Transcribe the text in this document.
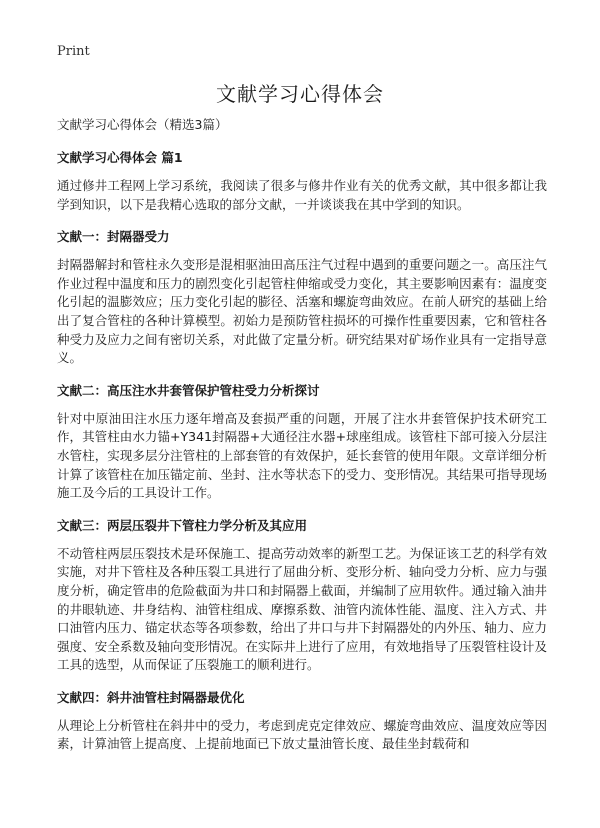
Print
文献学习心得体会
文献学习心得体会（精选3篇）
文献学习心得体会 篇1
通过修井工程网上学习系统，我阅读了很多与修井作业有关的优秀文献，其中很多都让我学到知识，以下是我精心选取的部分文献，一并谈谈我在其中学到的知识。
文献一：封隔器受力
封隔器解封和管柱永久变形是混相驱油田高压注气过程中遇到的重要问题之一。高压注气作业过程中温度和压力的剧烈变化引起管柱伸缩或受力变化，其主要影响因素有：温度变化引起的温膨效应；压力变化引起的膨径、活塞和螺旋弯曲效应。在前人研究的基础上给出了复合管柱的各种计算模型。初始力是预防管柱损坏的可操作性重要因素，它和管柱各种受力及应力之间有密切关系，对此做了定量分析。研究结果对矿场作业具有一定指导意义。
文献二：高压注水井套管保护管柱受力分析探讨
针对中原油田注水压力逐年增高及套损严重的问题，开展了注水井套管保护技术研究工作，其管柱由水力锚+Y341封隔器+大通径注水器+球座组成。该管柱下部可接入分层注水管柱，实现多层分注管柱的上部套管的有效保护，延长套管的使用年限。文章详细分析计算了该管柱在加压锚定前、坐封、注水等状态下的受力、变形情况。其结果可指导现场施工及今后的工具设计工作。
文献三：两层压裂井下管柱力学分析及其应用
不动管柱两层压裂技术是环保施工、提高劳动效率的新型工艺。为保证该工艺的科学有效实施，对井下管柱及各种压裂工具进行了屈曲分析、变形分析、轴向受力分析、应力与强度分析，确定管串的危险截面为井口和封隔器上截面，并编制了应用软件。通过输入油井的井眼轨迹、井身结构、油管柱组成、摩擦系数、油管内流体性能、温度、注入方式、井口油管内压力、锚定状态等各项参数，给出了井口与井下封隔器处的内外压、轴力、应力强度、安全系数及轴向变形情况。在实际井上进行了应用，有效地指导了压裂管柱设计及工具的选型，从而保证了压裂施工的顺利进行。
文献四：斜井油管柱封隔器最优化
从理论上分析管柱在斜井中的受力，考虑到虎克定律效应、螺旋弯曲效应、温度效应等因素，计算油管上提高度、上提前地面已下放丈量油管长度、最佳坐封载荷和
